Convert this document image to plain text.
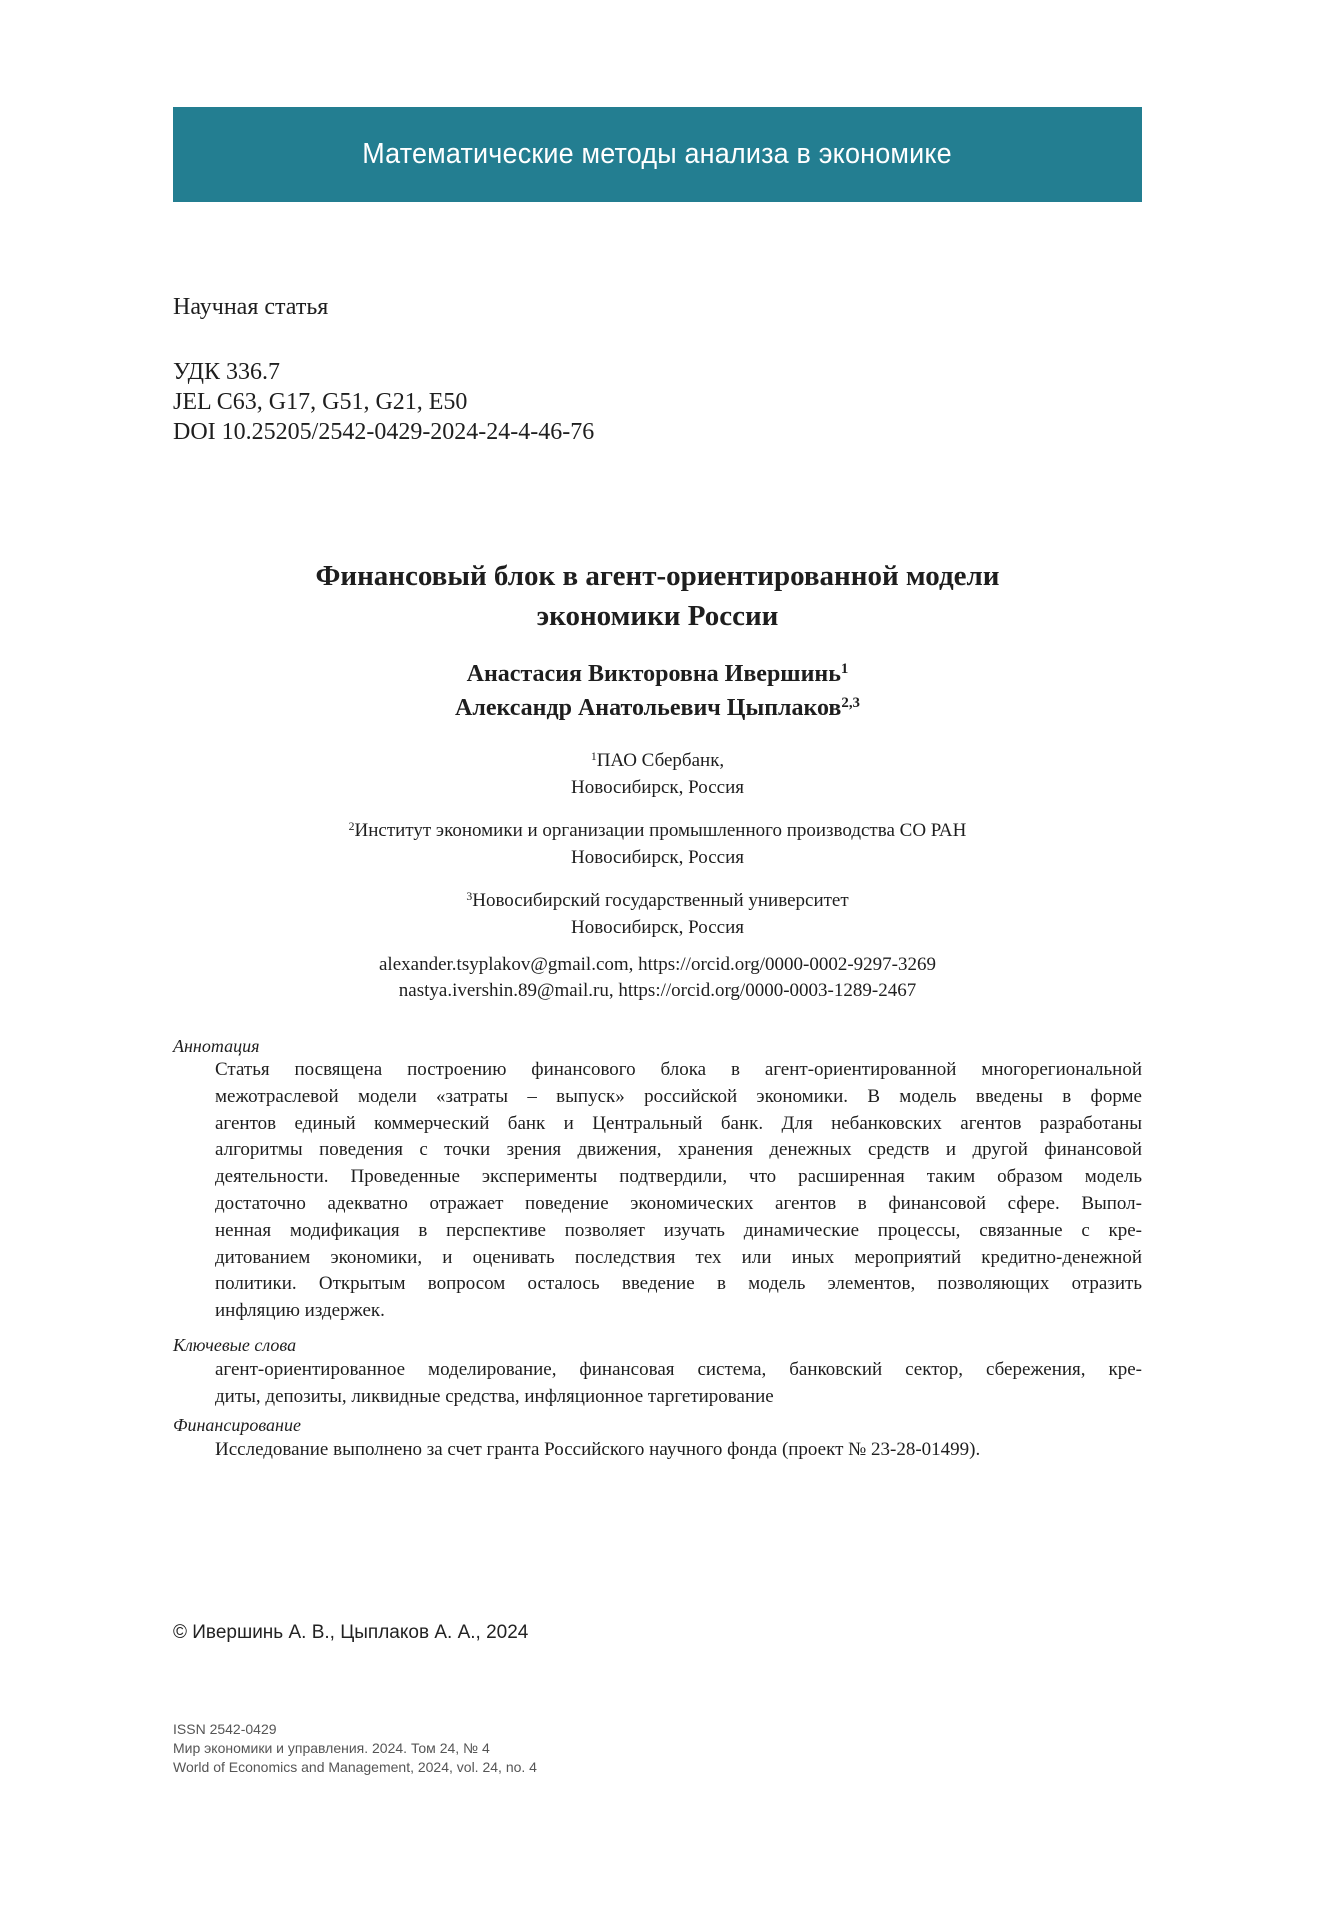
Математические методы анализа в экономике
Научная статья
УДК 336.7
JEL C63, G17, G51, G21, E50
DOI 10.25205/2542-0429-2024-24-4-46-76
Финансовый блок в агент-ориентированной модели
экономики России
Анастасия Викторовна Ивершинь$^1$
Александр Анатольевич Цыплаков$^{2,3}$
$^1$ПАО Сбербанк,
Новосибирск, Россия
$^2$Институт экономики и организации промышленного производства СО РАН
Новосибирск, Россия
$^3$Новосибирский государственный университет
Новосибирск, Россия
alexander.tsyplakov@gmail.com, https://orcid.org/0000-0002-9297-3269
nastya.ivershin.89@mail.ru, https://orcid.org/0000-0003-1289-2467
Аннотация
Статья посвящена построению финансового блока в агент-ориентированной многорегиональной
межотраслевой модели «затраты – выпуск» российской экономики. В модель введены в форме
агентов единый коммерческий банк и Центральный банк. Для небанковских агентов разработаны
алгоритмы поведения с точки зрения движения, хранения денежных средств и другой финансовой
деятельности. Проведенные эксперименты подтвердили, что расширенная таким образом модель
достаточно адекватно отражает поведение экономических агентов в финансовой сфере. Выпол-
ненная модификация в перспективе позволяет изучать динамические процессы, связанные с кре-
дитованием экономики, и оценивать последствия тех или иных мероприятий кредитно-денежной
политики. Открытым вопросом осталось введение в модель элементов, позволяющих отразить
инфляцию издержек.
Ключевые слова
агент-ориентированное моделирование, финансовая система, банковский сектор, сбережения, кре-
диты, депозиты, ликвидные средства, инфляционное таргетирование
Финансирование
Исследование выполнено за счет гранта Российского научного фонда (проект № 23-28-01499).
© Ивершинь А. В., Цыплаков А. А., 2024
ISSN 2542-0429
Мир экономики и управления. 2024. Том 24, № 4
World of Economics and Management, 2024, vol. 24, no. 4
